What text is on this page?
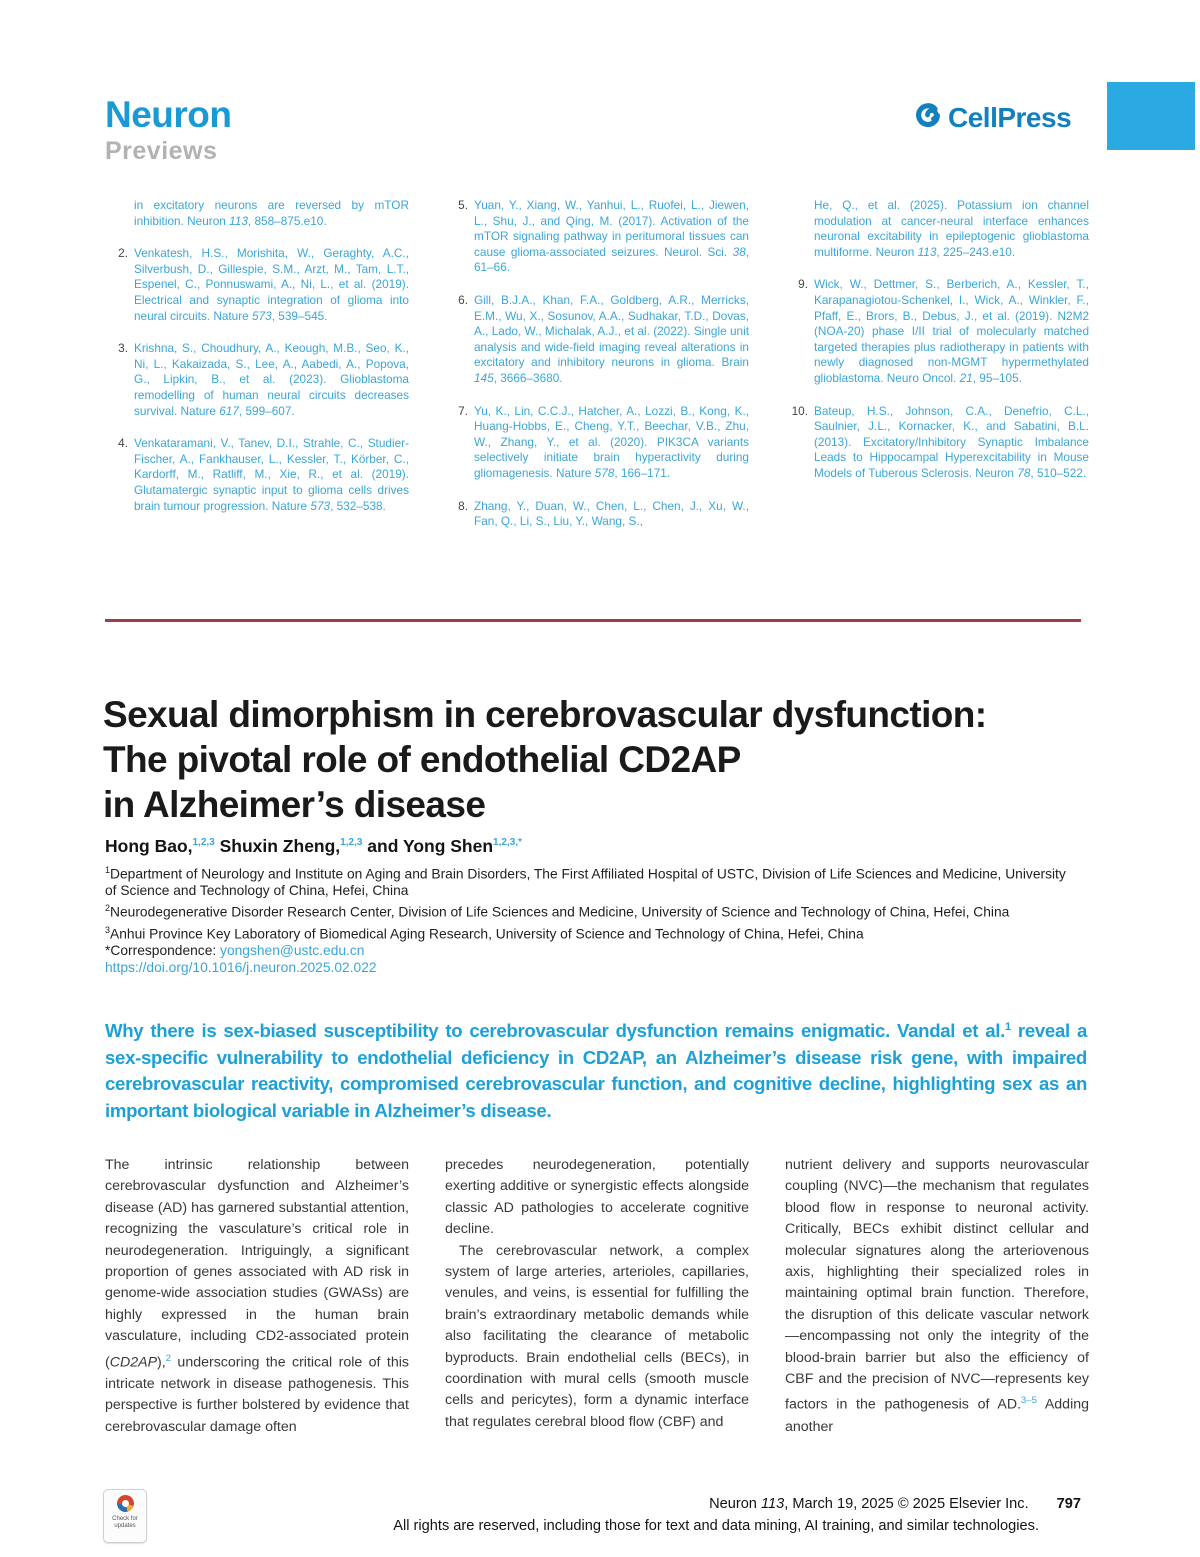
Neuron
Previews
CellPress
in excitatory neurons are reversed by mTOR inhibition. Neuron 113, 858–875.e10.
2. Venkatesh, H.S., Morishita, W., Geraghty, A.C., Silverbush, D., Gillespie, S.M., Arzt, M., Tam, L.T., Espenel, C., Ponnuswami, A., Ni, L., et al. (2019). Electrical and synaptic integration of glioma into neural circuits. Nature 573, 539–545.
3. Krishna, S., Choudhury, A., Keough, M.B., Seo, K., Ni, L., Kakaizada, S., Lee, A., Aabedi, A., Popova, G., Lipkin, B., et al. (2023). Glioblastoma remodelling of human neural circuits decreases survival. Nature 617, 599–607.
4. Venkataramani, V., Tanev, D.I., Strahle, C., Studier-Fischer, A., Fankhauser, L., Kessler, T., Körber, C., Kardorff, M., Ratliff, M., Xie, R., et al. (2019). Glutamatergic synaptic input to glioma cells drives brain tumour progression. Nature 573, 532–538.
5. Yuan, Y., Xiang, W., Yanhui, L., Ruofei, L., Jiewen, L., Shu, J., and Qing, M. (2017). Activation of the mTOR signaling pathway in peritumoral tissues can cause glioma-associated seizures. Neurol. Sci. 38, 61–66.
6. Gill, B.J.A., Khan, F.A., Goldberg, A.R., Merricks, E.M., Wu, X., Sosunov, A.A., Sudhakar, T.D., Dovas, A., Lado, W., Michalak, A.J., et al. (2022). Single unit analysis and wide-field imaging reveal alterations in excitatory and inhibitory neurons in glioma. Brain 145, 3666–3680.
7. Yu, K., Lin, C.C.J., Hatcher, A., Lozzi, B., Kong, K., Huang-Hobbs, E., Cheng, Y.T., Beechar, V.B., Zhu, W., Zhang, Y., et al. (2020). PIK3CA variants selectively initiate brain hyperactivity during gliomagenesis. Nature 578, 166–171.
8. Zhang, Y., Duan, W., Chen, L., Chen, J., Xu, W., Fan, Q., Li, S., Liu, Y., Wang, S.,
He, Q., et al. (2025). Potassium ion channel modulation at cancer-neural interface enhances neuronal excitability in epileptogenic glioblastoma multiforme. Neuron 113, 225–243.e10.
9. Wick, W., Dettmer, S., Berberich, A., Kessler, T., Karapanagiotou-Schenkel, I., Wick, A., Winkler, F., Pfaff, E., Brors, B., Debus, J., et al. (2019). N2M2 (NOA-20) phase I/II trial of molecularly matched targeted therapies plus radiotherapy in patients with newly diagnosed non-MGMT hypermethylated glioblastoma. Neuro Oncol. 21, 95–105.
10. Bateup, H.S., Johnson, C.A., Denefrio, C.L., Saulnier, J.L., Kornacker, K., and Sabatini, B.L. (2013). Excitatory/Inhibitory Synaptic Imbalance Leads to Hippocampal Hyperexcitability in Mouse Models of Tuberous Sclerosis. Neuron 78, 510–522.
Sexual dimorphism in cerebrovascular dysfunction:
The pivotal role of endothelial CD2AP
in Alzheimer’s disease
Hong Bao,$^{1,2,3}$ Shuxin Zheng,$^{1,2,3}$ and Yong Shen$^{1,2,3,*}$
$^1$Department of Neurology and Institute on Aging and Brain Disorders, The First Affiliated Hospital of USTC, Division of Life Sciences and Medicine, University of Science and Technology of China, Hefei, China
$^2$Neurodegenerative Disorder Research Center, Division of Life Sciences and Medicine, University of Science and Technology of China, Hefei, China
$^3$Anhui Province Key Laboratory of Biomedical Aging Research, University of Science and Technology of China, Hefei, China
*Correspondence: yongshen@ustc.edu.cn
https://doi.org/10.1016/j.neuron.2025.02.022
Why there is sex-biased susceptibility to cerebrovascular dysfunction remains enigmatic. Vandal et al.$^1$ reveal a sex-specific vulnerability to endothelial deficiency in CD2AP, an Alzheimer’s disease risk gene, with impaired cerebrovascular reactivity, compromised cerebrovascular function, and cognitive decline, highlighting sex as an important biological variable in Alzheimer’s disease.

The intrinsic relationship between cerebrovascular dysfunction and Alzheimer’s disease (AD) has garnered substantial attention, recognizing the vasculature’s critical role in neurodegeneration. Intriguingly, a significant proportion of genes associated with AD risk in genome-wide association studies (GWASs) are highly expressed in the human brain vasculature, including CD2-associated protein (CD2AP),$^2$ underscoring the critical role of this intricate network in disease pathogenesis. This perspective is further bolstered by evidence that cerebrovascular damage often

precedes neurodegeneration, potentially exerting additive or synergistic effects alongside classic AD pathologies to accelerate cognitive decline.

The cerebrovascular network, a complex system of large arteries, arterioles, capillaries, venules, and veins, is essential for fulfilling the brain’s extraordinary metabolic demands while also facilitating the clearance of metabolic byproducts. Brain endothelial cells (BECs), in coordination with mural cells (smooth muscle cells and pericytes), form a dynamic interface that regulates cerebral blood flow (CBF) and

nutrient delivery and supports neurovascular coupling (NVC)—the mechanism that regulates blood flow in response to neuronal activity. Critically, BECs exhibit distinct cellular and molecular signatures along the arteriovenous axis, highlighting their specialized roles in maintaining optimal brain function. Therefore, the disruption of this delicate vascular network—encompassing not only the integrity of the blood-brain barrier but also the efficiency of CBF and the precision of NVC—represents key factors in the pathogenesis of AD.$^{3-5}$ Adding another

Check for updates
Neuron 113, March 19, 2025 © 2025 Elsevier Inc. 797
All rights are reserved, including those for text and data mining, AI training, and similar technologies.
